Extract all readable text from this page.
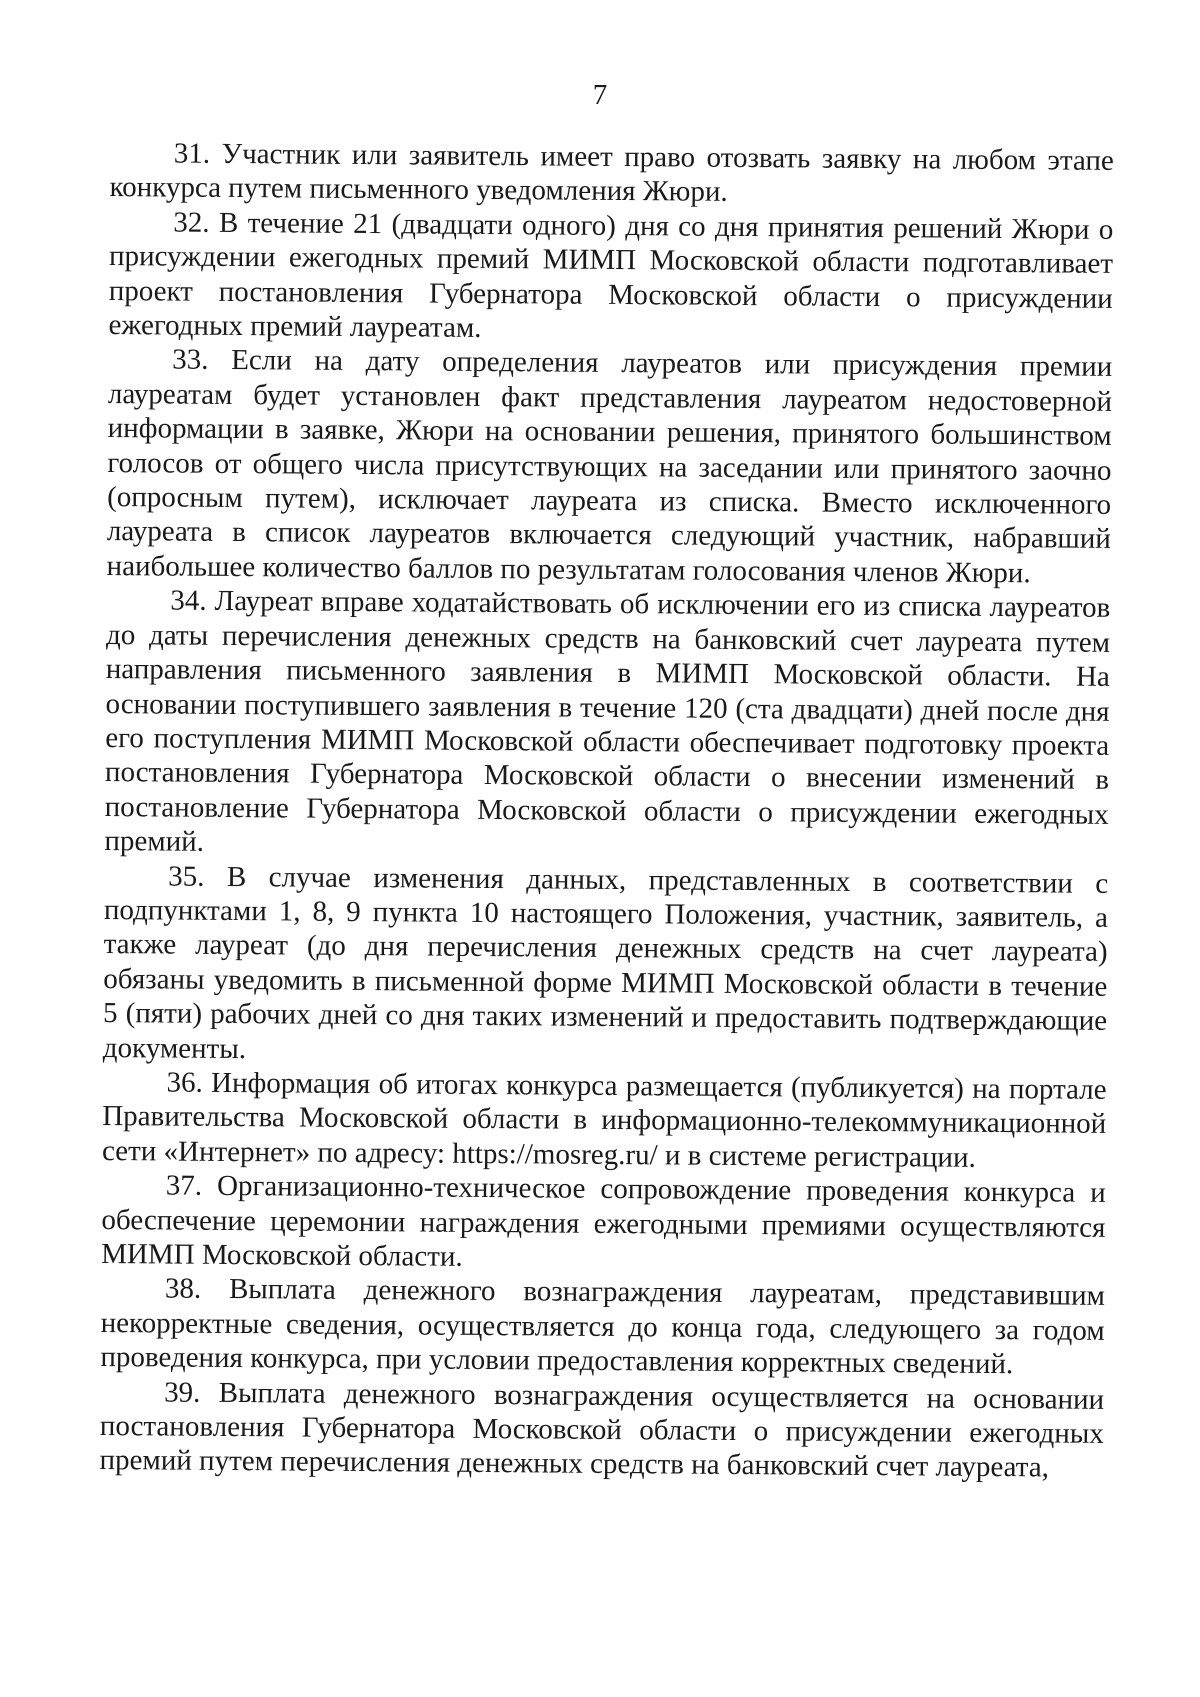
7

31. Участник или заявитель имеет право отозвать заявку на любом этапе конкурса путем письменного уведомления Жюри.

32. В течение 21 (двадцати одного) дня со дня принятия решений Жюри о присуждении ежегодных премий МИМП Московской области подготавливает проект постановления Губернатора Московской области о присуждении ежегодных премий лауреатам.

33. Если на дату определения лауреатов или присуждения премии лауреатам будет установлен факт представления лауреатом недостоверной информации в заявке, Жюри на основании решения, принятого большинством голосов от общего числа присутствующих на заседании или принятого заочно (опросным путем), исключает лауреата из списка. Вместо исключенного лауреата в список лауреатов включается следующий участник, набравший наибольшее количество баллов по результатам голосования членов Жюри.

34. Лауреат вправе ходатайствовать об исключении его из списка лауреатов до даты перечисления денежных средств на банковский счет лауреата путем направления письменного заявления в МИМП Московской области. На основании поступившего заявления в течение 120 (ста двадцати) дней после дня его поступления МИМП Московской области обеспечивает подготовку проекта постановления Губернатора Московской области о внесении изменений в постановление Губернатора Московской области о присуждении ежегодных премий.

35. В случае изменения данных, представленных в соответствии с подпунктами 1, 8, 9 пункта 10 настоящего Положения, участник, заявитель, а также лауреат (до дня перечисления денежных средств на счет лауреата) обязаны уведомить в письменной форме МИМП Московской области в течение 5 (пяти) рабочих дней со дня таких изменений и предоставить подтверждающие документы.

36. Информация об итогах конкурса размещается (публикуется) на портале Правительства Московской области в информационно-телекоммуникационной сети «Интернет» по адресу: https://mosreg.ru/ и в системе регистрации.

37. Организационно-техническое сопровождение проведения конкурса и обеспечение церемонии награждения ежегодными премиями осуществляются МИМП Московской области.

38. Выплата денежного вознаграждения лауреатам, представившим некорректные сведения, осуществляется до конца года, следующего за годом проведения конкурса, при условии предоставления корректных сведений.

39. Выплата денежного вознаграждения осуществляется на основании постановления Губернатора Московской области о присуждении ежегодных премий путем перечисления денежных средств на банковский счет лауреата,
